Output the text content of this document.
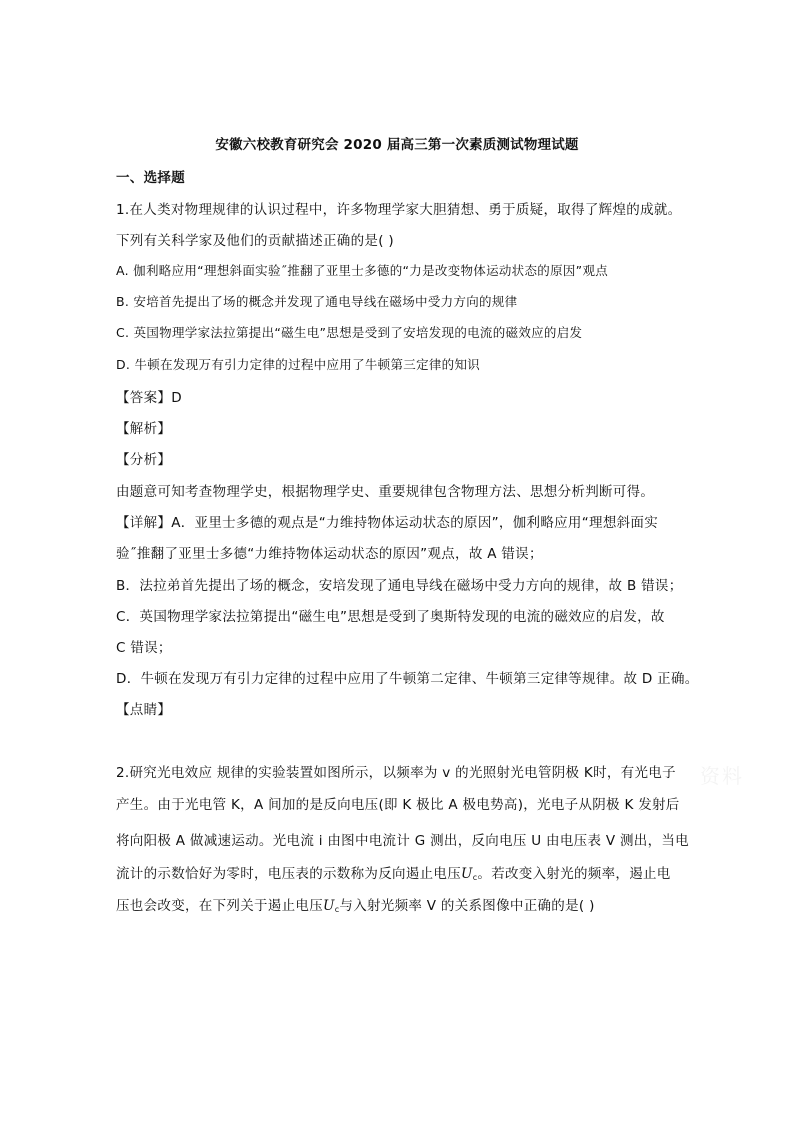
安徽六校教育研究会 2020 届高三第一次素质测试物理试题
一、选择题
1.在人类对物理规律的认识过程中，许多物理学家大胆猜想、勇于质疑，取得了辉煌的成就。
下列有关科学家及他们的贡献描述正确的是( )
A. 伽利略应用“理想斜面实验˝推翻了亚里士多德的“力是改变物体运动状态的原因”观点
B. 安培首先提出了场的概念并发现了通电导线在磁场中受力方向的规律
C. 英国物理学家法拉第提出“磁生电”思想是受到了安培发现的电流的磁效应的启发
D. 牛顿在发现万有引力定律的过程中应用了牛顿第三定律的知识
【答案】D
【解析】
【分析】
由题意可知考查物理学史，根据物理学史、重要规律包含物理方法、思想分析判断可得。
【详解】A．亚里士多德的观点是“力维持物体运动状态的原因”，伽利略应用“理想斜面实
验˝推翻了亚里士多德“力维持物体运动状态的原因”观点，故 A 错误；
B．法拉弟首先提出了场的概念，安培发现了通电导线在磁场中受力方向的规律，故 B 错误；
C．英国物理学家法拉第提出“磁生电”思想是受到了奥斯特发现的电流的磁效应的启发，故
C 错误；
D．牛顿在发现万有引力定律的过程中应用了牛顿第二定律、牛顿第三定律等规律。故 D 正确。
【点睛】
2.研究光电效应 规律的实验装置如图所示，以频率为 v 的光照射光电管阴极 K时，有光电子
产生。由于光电管 K，A 间加的是反向电压(即 K 极比 A 极电势高)，光电子从阴极 K 发射后
将向阳极 A 做减速运动。光电流 i 由图中电流计 G 测出，反向电压 U 由电压表 V 测出，当电
流计的示数恰好为零时，电压表的示数称为反向遏止电压$U_c$。若改变入射光的频率，遏止电
压也会改变，在下列关于遏止电压$U_c$与入射光频率 V 的关系图像中正确的是( )
资料
